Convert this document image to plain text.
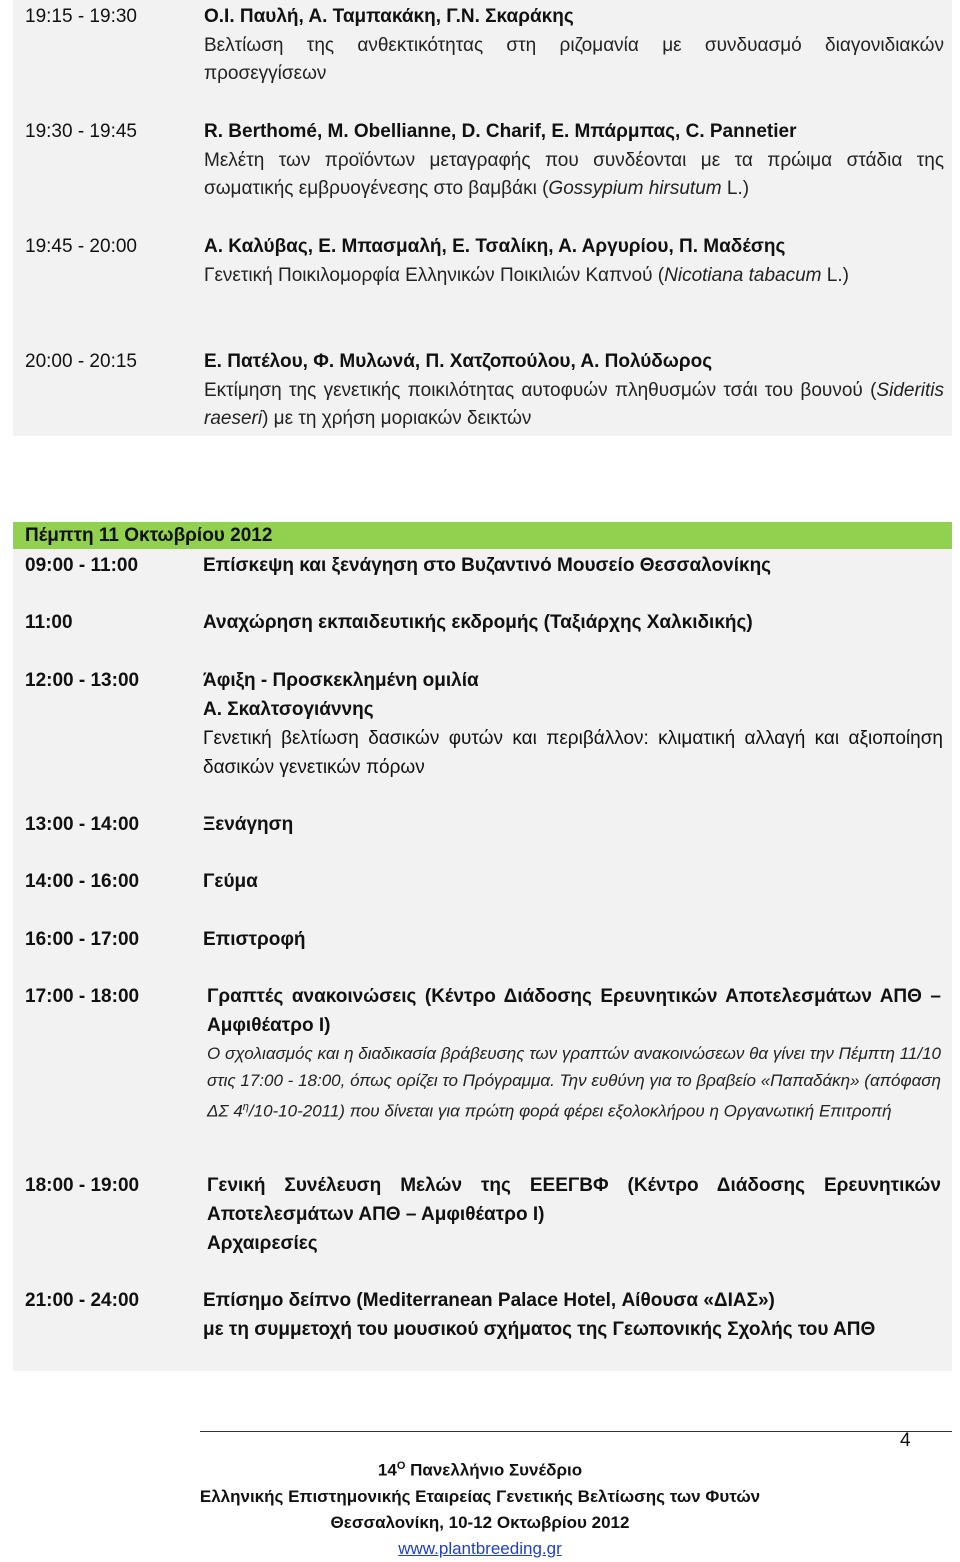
19:15 - 19:30	Ο.Ι. Παυλή, Α. Ταμπακάκη, Γ.Ν. Σκαράκης
Βελτίωση της ανθεκτικότητας στη ριζομανία με συνδυασμό διαγονιδιακών προσεγγίσεων
19:30 - 19:45	R. Berthomé, M. Obellianne, D. Charif, E. Μπάρμπας, C. Pannetier
Μελέτη των προϊόντων μεταγραφής που συνδέονται με τα πρώιμα στάδια της σωματικής εμβρυογένεσης στο βαμβάκι (Gossypium hirsutum L.)
19:45 - 20:00	Α. Καλύβας, Ε. Μπασμαλή, Ε. Τσαλίκη, Α. Αργυρίου, Π. Μαδέσης
Γενετική Ποικιλομορφία Ελληνικών Ποικιλιών Καπνού (Nicotiana tabacum L.)
20:00 - 20:15	Ε. Πατέλου, Φ. Μυλωνά, Π. Χατζοπούλου, Α. Πολύδωρος
Εκτίμηση της γενετικής ποικιλότητας αυτοφυών πληθυσμών τσάι του βουνού (Sideritis raeseri) με τη χρήση μοριακών δεικτών
Πέμπτη 11 Οκτωβρίου 2012
09:00 - 11:00	Επίσκεψη και ξενάγηση στο Βυζαντινό Μουσείο Θεσσαλονίκης
11:00	Αναχώρηση εκπαιδευτικής εκδρομής (Ταξιάρχης Χαλκιδικής)
12:00 - 13:00	Άφιξη - Προσκεκλημένη ομιλία
Α. Σκαλτσογιάννης
Γενετική βελτίωση δασικών φυτών και περιβάλλον: κλιματική αλλαγή και αξιοποίηση δασικών γενετικών πόρων
13:00 - 14:00	Ξενάγηση
14:00 - 16:00	Γεύμα
16:00 - 17:00	Επιστροφή
17:00 - 18:00	Γραπτές ανακοινώσεις (Κέντρο Διάδοσης Ερευνητικών Αποτελεσμάτων ΑΠΘ – Αμφιθέατρο Ι)
Ο σχολιασμός και η διαδικασία βράβευσης των γραπτών ανακοινώσεων θα γίνει την Πέμπτη 11/10 στις 17:00 - 18:00, όπως ορίζει το Πρόγραμμα. Την ευθύνη για το βραβείο «Παπαδάκη» (απόφαση ΔΣ $4^\eta/10-10-2011$) που δίνεται για πρώτη φορά φέρει εξολοκλήρου η Οργανωτική Επιτροπή
18:00 - 19:00	Γενική Συνέλευση Μελών της ΕΕΕΓΒΦ (Κέντρο Διάδοσης Ερευνητικών Αποτελεσμάτων ΑΠΘ – Αμφιθέατρο Ι)
Αρχαιρεσίες
21:00 - 24:00	Επίσημο δείπνο (Mediterranean Palace Hotel, Αίθουσα «ΔΙΑΣ»)
με τη συμμετοχή του μουσικού σχήματος της Γεωπονικής Σχολής του ΑΠΘ
4
$14^O$ Πανελλήνιο Συνέδριο
Ελληνικής Επιστημονικής Εταιρείας Γενετικής Βελτίωσης των Φυτών
Θεσσαλονίκη, 10-12 Οκτωβρίου 2012
www.plantbreeding.gr
